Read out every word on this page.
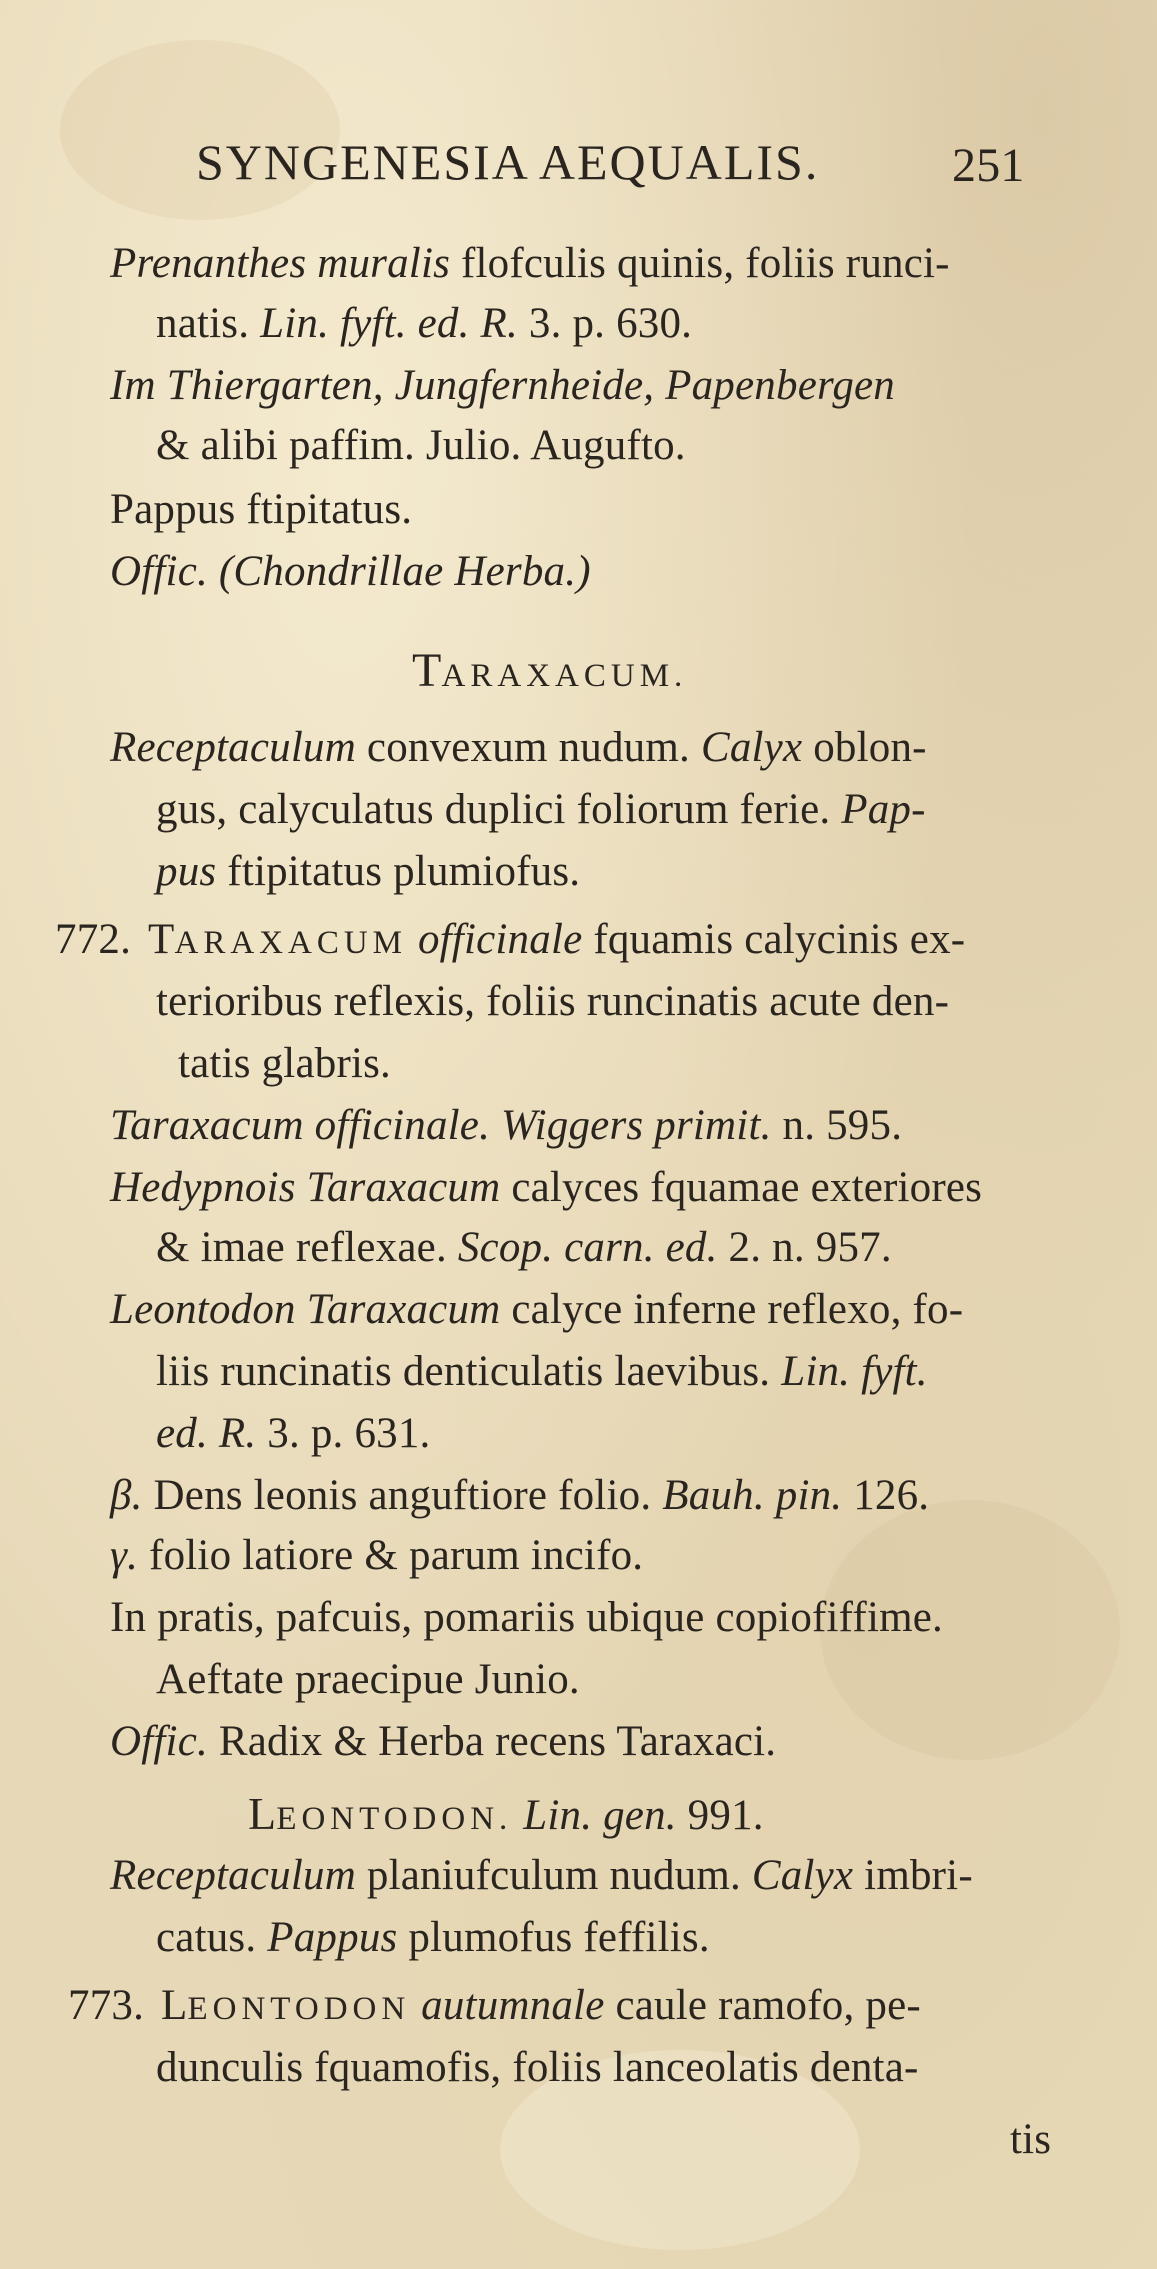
SYNGENESIA AEQUALIS.	251
Prenanthes muralis flofculis quinis, foliis runci-
natis. Lin. fyft. ed. R. 3. p. 630.
Im Thiergarten, Jungfernheide, Papenbergen
& alibi paffim. Julio. Augufto.
Pappus ftipitatus.
Offic. (Chondrillae Herba.)
TARAXACUM.
Receptaculum convexum nudum. Calyx oblon-
gus, calyculatus duplici foliorum ferie. Pap-
pus ftipitatus plumiofus.
772. TARAXACUM officinale fquamis calycinis ex-
terioribus reflexis, foliis runcinatis acute den-
tatis glabris.
Taraxacum officinale. Wiggers primit. n. 595.
Hedypnois Taraxacum calyces fquamae exteriores
& imae reflexae. Scop. carn. ed. 2. n. 957.
Leontodon Taraxacum calyce inferne reflexo, fo-
liis runcinatis denticulatis laevibus. Lin. fyft.
ed. R. 3. p. 631.
β. Dens leonis anguftiore folio. Bauh. pin. 126.
γ. folio latiore & parum incifo.
In pratis, pafcuis, pomariis ubique copiofiffime.
Aeftate praecipue Junio.
Offic. Radix & Herba recens Taraxaci.
LEONTODON. Lin. gen. 991.
Receptaculum planiufculum nudum. Calyx imbri-
catus. Pappus plumofus feffilis.
773. LEONTODON autumnale caule ramofo, pe-
dunculis fquamofis, foliis lanceolatis denta-
tis
